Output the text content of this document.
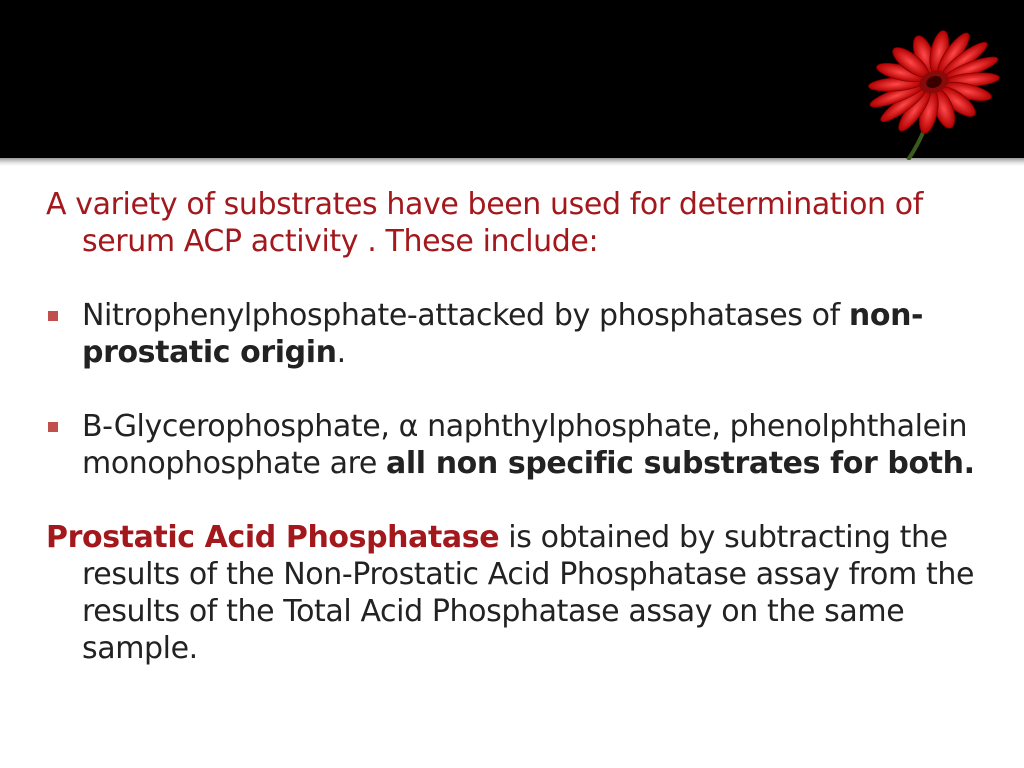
A variety of substrates have been used for determination of serum ACP activity . These include:

Nitrophenylphosphate-attacked by phosphatases of non-prostatic origin.

B-Glycerophosphate, α naphthylphosphate, phenolphthalein monophosphate are all non specific substrates for both.

Prostatic Acid Phosphatase is obtained by subtracting the results of the Non-Prostatic Acid Phosphatase assay from the results of the Total Acid Phosphatase assay on the same sample.
